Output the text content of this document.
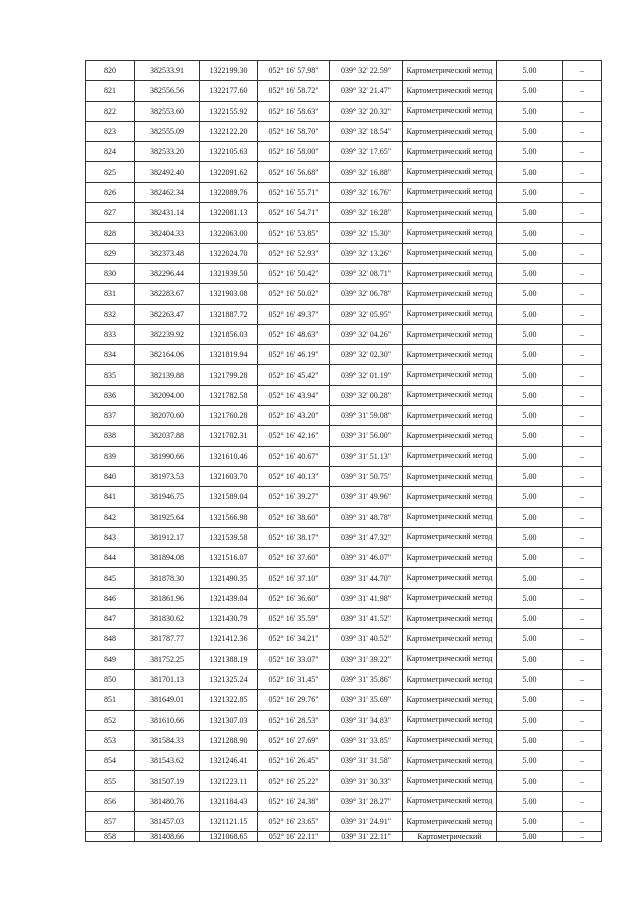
820	382533.91	1322199.30	052° 16' 57.98"	039° 32' 22.59"	Картометрический метод	5.00	–
821	382556.56	1322177.60	052° 16' 58.72"	039° 32' 21.47"	Картометрический метод	5.00	–
822	382553.60	1322155.92	052° 16' 58.63"	039° 32' 20.32"	Картометрический метод	5.00	–
823	382555.09	1322122.20	052° 16' 58.70"	039° 32' 18.54"	Картометрический метод	5.00	–
824	382533.20	1322105.63	052° 16' 58.00"	039° 32' 17.65"	Картометрический метод	5.00	–
825	382492.40	1322091.62	052° 16' 56.68"	039° 32' 16.88"	Картометрический метод	5.00	–
826	382462.34	1322089.76	052° 16' 55.71"	039° 32' 16.76"	Картометрический метод	5.00	–
827	382431.14	1322081.13	052° 16' 54.71"	039° 32' 16.28"	Картометрический метод	5.00	–
828	382404.33	1322063.00	052° 16' 53.85"	039° 32' 15.30"	Картометрический метод	5.00	–
829	382373.48	1322024.70	052° 16' 52.93"	039° 32' 13.26"	Картометрический метод	5.00	–
830	382296.44	1321939.50	052° 16' 50.42"	039° 32' 08.71"	Картометрический метод	5.00	–
831	382283.67	1321903.08	052° 16' 50.02"	039° 32' 06.78"	Картометрический метод	5.00	–
832	382263.47	1321887.72	052° 16' 49.37"	039° 32' 05.95"	Картометрический метод	5.00	–
833	382239.92	1321856.03	052° 16' 48.63"	039° 32' 04.26"	Картометрический метод	5.00	–
834	382164.06	1321819.94	052° 16' 46.19"	039° 32' 02.30"	Картометрический метод	5.00	–
835	382139.88	1321799.28	052° 16' 45.42"	039° 32' 01.19"	Картометрический метод	5.00	–
836	382094.00	1321782.58	052° 16' 43.94"	039° 32' 00.28"	Картометрический метод	5.00	–
837	382070.60	1321760.28	052° 16' 43.20"	039° 31' 59.08"	Картометрический метод	5.00	–
838	382037.88	1321702.31	052° 16' 42.16"	039° 31' 56.00"	Картометрический метод	5.00	–
839	381990.66	1321610.46	052° 16' 40.67"	039° 31' 51.13"	Картометрический метод	5.00	–
840	381973.53	1321603.70	052° 16' 40.13"	039° 31' 50.75"	Картометрический метод	5.00	–
841	381946.75	1321589.04	052° 16' 39.27"	039° 31' 49.96"	Картометрический метод	5.00	–
842	381925.64	1321566.98	052° 16' 38.60"	039° 31' 48.78"	Картометрический метод	5.00	–
843	381912.17	1321539.58	052° 16' 38.17"	039° 31' 47.32"	Картометрический метод	5.00	–
844	381894.08	1321516.07	052° 16' 37.60"	039° 31' 46.07"	Картометрический метод	5.00	–
845	381878.30	1321490.35	052° 16' 37.10"	039° 31' 44.70"	Картометрический метод	5.00	–
846	381861.96	1321439.04	052° 16' 36.60"	039° 31' 41.98"	Картометрический метод	5.00	–
847	381830.62	1321430.79	052° 16' 35.59"	039° 31' 41.52"	Картометрический метод	5.00	–
848	381787.77	1321412.36	052° 16' 34.21"	039° 31' 40.52"	Картометрический метод	5.00	–
849	381752.25	1321388.19	052° 16' 33.07"	039° 31' 39.22"	Картометрический метод	5.00	–
850	381701.13	1321325.24	052° 16' 31.45"	039° 31' 35.86"	Картометрический метод	5.00	–
851	381649.01	1321322.85	052° 16' 29.76"	039° 31' 35.69"	Картометрический метод	5.00	–
852	381610.66	1321307.03	052° 16' 28.53"	039° 31' 34.83"	Картометрический метод	5.00	–
853	381584.33	1321288.90	052° 16' 27.69"	039° 31' 33.85"	Картометрический метод	5.00	–
854	381543.62	1321246.41	052° 16' 26.45"	039° 31' 31.58"	Картометрический метод	5.00	–
855	381507.19	1321223.11	052° 16' 25.22"	039° 31' 30.33"	Картометрический метод	5.00	–
856	381480.76	1321184.43	052° 16' 24.38"	039° 31' 28.27"	Картометрический метод	5.00	–
857	381457.03	1321121.15	052° 16' 23.65"	039° 31' 24.91"	Картометрический метод	5.00	–
858	381408.66	1321068.65	052° 16' 22.11"	039° 31' 22.11"	Картометрический	5.00	–
